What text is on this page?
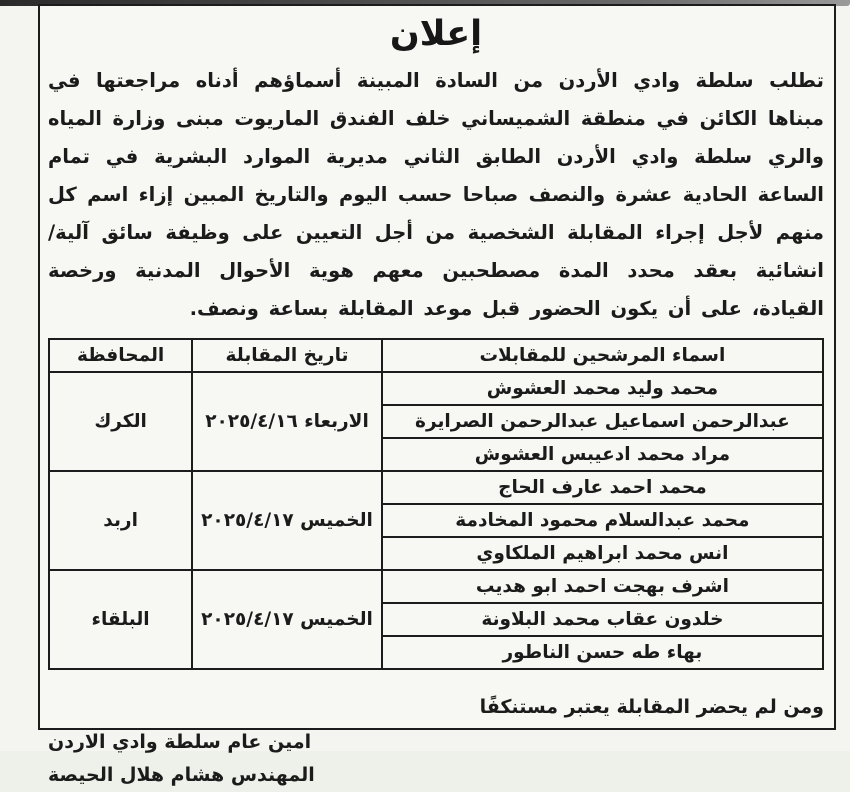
إعلان
تطلب سلطة وادي الأردن من السادة المبينة أسماؤهم أدناه مراجعتها في مبناها الكائن في منطقة الشميساني خلف الفندق الماريوت مبنى وزارة المياه والري سلطة وادي الأردن الطابق الثاني مديرية الموارد البشرية في تمام الساعة الحادية عشرة والنصف صباحا حسب اليوم والتاريخ المبين إزاء اسم كل منهم لأجل إجراء المقابلة الشخصية من أجل التعيين على وظيفة سائق آلية/ انشائية بعقد محدد المدة مصطحبين معهم هوية الأحوال المدنية ورخصة القيادة، على أن يكون الحضور قبل موعد المقابلة بساعة ونصف.
اسماء المرشحين للمقابلات	تاريخ المقابلة	المحافظة
محمد وليد محمد العشوش	الاربعاء ٢٠٢٥/٤/١٦	الكرك
عبدالرحمن اسماعيل عبدالرحمن الصرايرة		
مراد محمد ادعيبس العشوش		
محمد احمد عارف الحاج	الخميس ٢٠٢٥/٤/١٧	اربد
محمد عبدالسلام محمود المخادمة		
انس محمد ابراهيم الملكاوي		
اشرف بهجت احمد ابو هديب	الخميس ٢٠٢٥/٤/١٧	البلقاء
خلدون عقاب محمد البلاونة		
بهاء طه حسن الناطور		
ومن لم يحضر المقابلة يعتبر مستنكفًا
امين عام سلطة وادي الاردن
المهندس هشام هلال الحيصة
